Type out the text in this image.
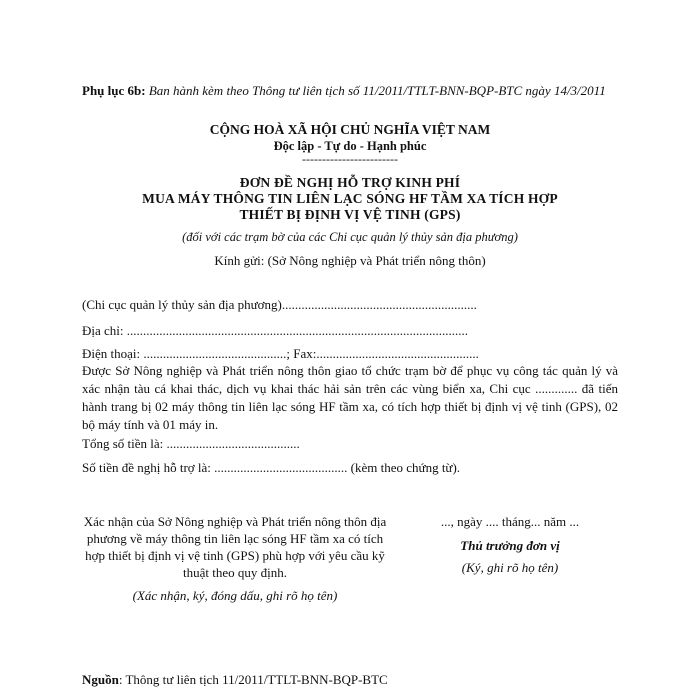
Phụ lục 6b: Ban hành kèm theo Thông tư liên tịch số 11/2011/TTLT-BNN-BQP-BTC ngày 14/3/2011
CỘNG HOÀ XÃ HỘI CHỦ NGHĨA VIỆT NAM
Độc lập - Tự do - Hạnh phúc
------------------------
ĐƠN ĐỀ NGHỊ HỖ TRỢ KINH PHÍ
MUA MÁY THÔNG TIN LIÊN LẠC SÓNG HF TẦM XA TÍCH HỢP
THIẾT BỊ ĐỊNH VỊ VỆ TINH (GPS)
(đối với các trạm bờ của các Chi cục quản lý thủy sản địa phương)
Kính gửi: (Sở Nông nghiệp và Phát triển nông thôn)
(Chi cục quản lý thủy sản địa phương)............................................................
Địa chỉ: .........................................................................................................
Điện thoại: ............................................; Fax:..................................................
Được Sở Nông nghiệp và Phát triển nông thôn giao tổ chức trạm bờ để phục vụ công tác quản lý và xác nhận tàu cá khai thác, dịch vụ khai thác hải sản trên các vùng biển xa, Chi cục ............. đã tiến hành trang bị 02 máy thông tin liên lạc sóng HF tầm xa, có tích hợp thiết bị định vị vệ tinh (GPS), 02 bộ máy tính và 01 máy in.
Tổng số tiền là: .........................................
Số tiền đề nghị hỗ trợ là: ......................................... (kèm theo chứng từ).
Xác nhận của Sở Nông nghiệp và Phát triển nông thôn địa phương về máy thông tin liên lạc sóng HF tầm xa có tích hợp thiết bị định vị vệ tinh (GPS) phù hợp với yêu cầu kỹ thuật theo quy định.
(Xác nhận, ký, đóng dấu, ghi rõ họ tên)
..., ngày .... tháng... năm ...
Thủ trưởng đơn vị
(Ký, ghi rõ họ tên)
Nguồn: Thông tư liên tịch 11/2011/TTLT-BNN-BQP-BTC
